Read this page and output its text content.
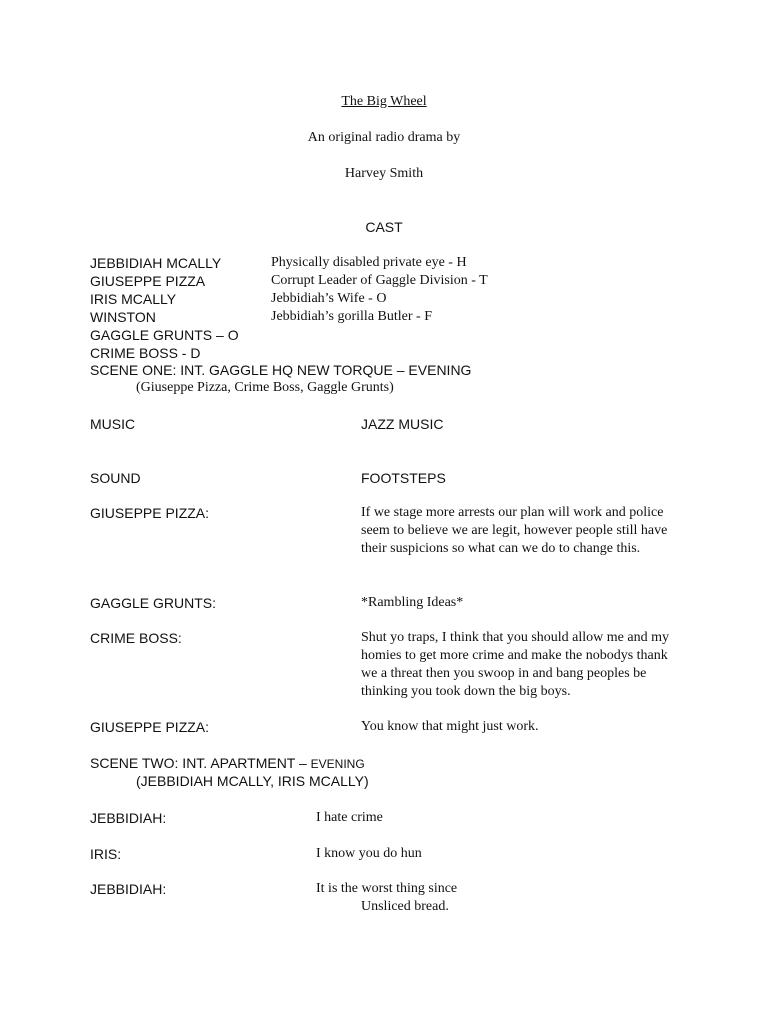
The Big Wheel
An original radio drama by
Harvey Smith
CAST
JEBBIDIAH MCALLY	Physically disabled private eye - H
GIUSEPPE PIZZA	Corrupt Leader of Gaggle Division - T
IRIS MCALLY	Jebbidiah’s Wife - O
WINSTON	Jebbidiah’s gorilla Butler - F
GAGGLE GRUNTS – O
CRIME BOSS - D
SCENE ONE: INT. GAGGLE HQ NEW TORQUE – EVENING
(Giuseppe Pizza, Crime Boss, Gaggle Grunts)
MUSIC	JAZZ MUSIC
SOUND	FOOTSTEPS
GIUSEPPE PIZZA:	If we stage more arrests our plan will work and police seem to believe we are legit, however people still have their suspicions so what can we do to change this.
GAGGLE GRUNTS:	*Rambling Ideas*
CRIME BOSS:	Shut yo traps, I think that you should allow me and my homies to get more crime and make the nobodys thank we a threat then you swoop in and bang peoples be thinking you took down the big boys.
GIUSEPPE PIZZA:	You know that might just work.
SCENE TWO: INT. APARTMENT – EVENING
(JEBBIDIAH MCALLY, IRIS MCALLY)
JEBBIDIAH:	I hate crime
IRIS:	I know you do hun
JEBBIDIAH:	It is the worst thing since
Unsliced bread.
